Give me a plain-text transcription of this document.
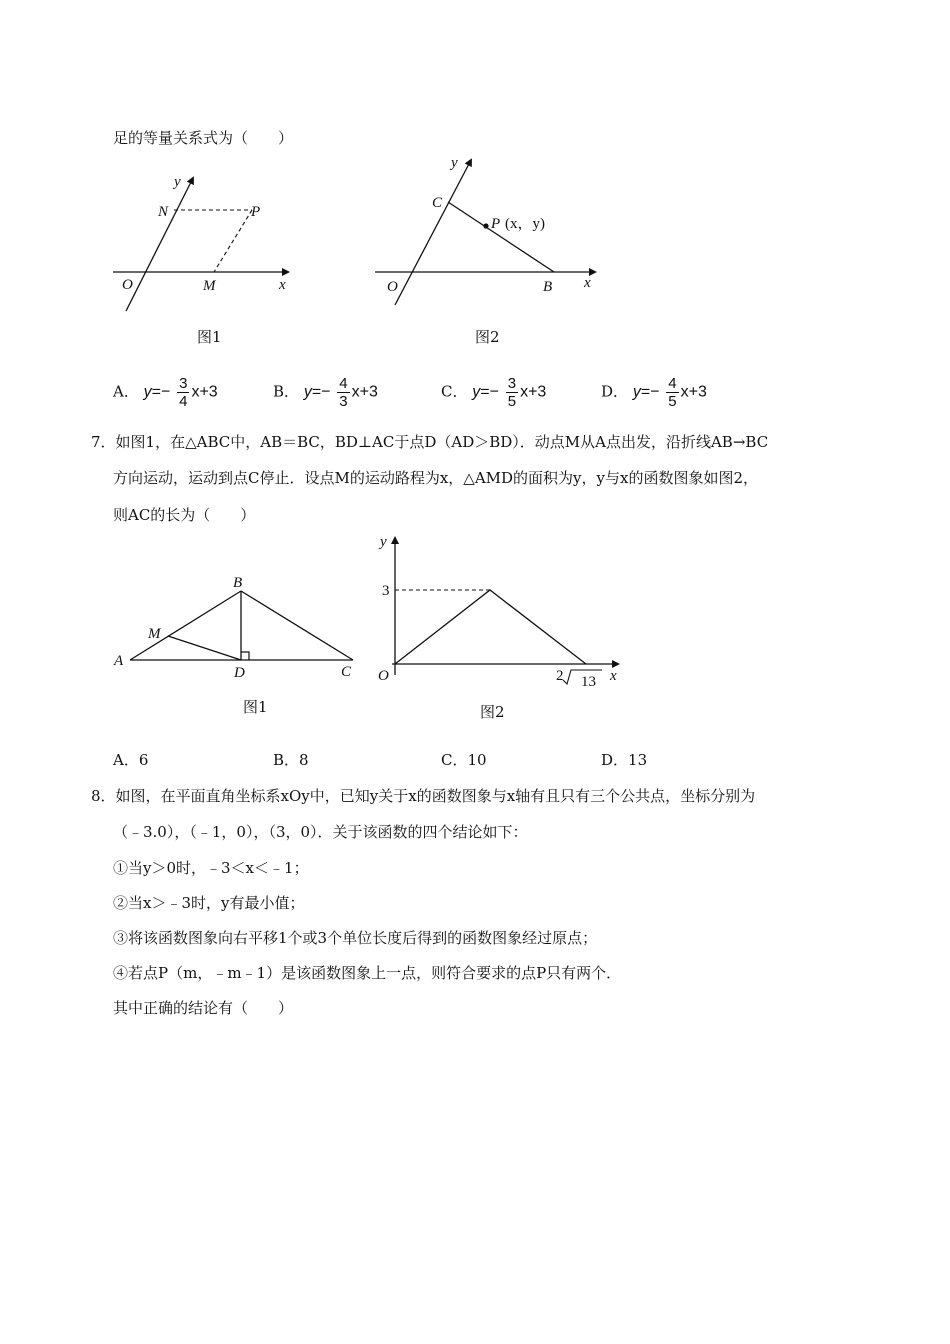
足的等量关系式为（　　）
y
N	P
O	M	x
图1
y
C
P (x，y)
O	B x
图2
A． $y=- \frac{3}{4} x+3$	B． $y=- \frac{4}{3} x+3$	C． $y=- \frac{3}{5} x+3$	D． $y=- \frac{4}{5} x+3$
7．如图1，在△ABC中，AB＝BC，BD⊥AC于点D（AD＞BD）．动点M从A点出发，沿折线AB→BC
方向运动，运动到点C停止．设点M的运动路程为x，△AMD的面积为y，y与x的函数图象如图2，
则AC的长为（　　）
B
M
A
D	C
图1
y
3
O	2 13 x
图2
A．6	B．8	C．10	D．13
8．如图，在平面直角坐标系xOy中，已知y关于x的函数图象与x轴有且只有三个公共点，坐标分别为
（﹣3.0），（﹣1，0），（3，0）．关于该函数的四个结论如下：
①当y＞0时，﹣3＜x＜﹣1；
②当x＞﹣3时，y有最小值；
③将该函数图象向右平移1个或3个单位长度后得到的函数图象经过原点；
④若点P（m，﹣m﹣1）是该函数图象上一点，则符合要求的点P只有两个．
其中正确的结论有（　　）
